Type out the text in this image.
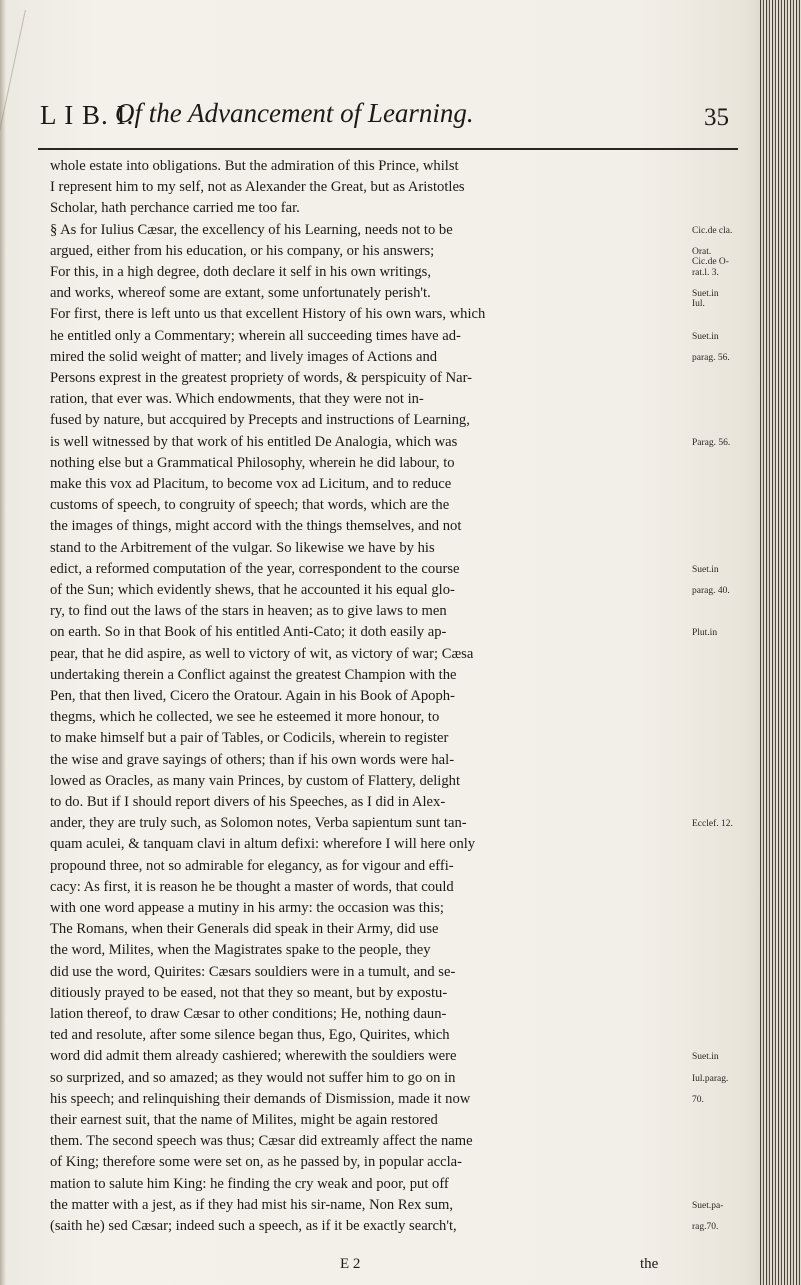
L I B. I.
Of the Advancement of Learning.	35
whole estate into obligations. But the admiration of this Prince, whilst
I represent him to my self, not as Alexander the Great, but as Aristotles
Scholar, hath perchance carried me too far.
§ As for Iulius Cæsar, the excellency of his Learning, needs not to be
argued, either from his education, or his company, or his answers;
For this, in a high degree, doth declare it self in his own writings,
and works, whereof some are extant, some unfortunately perish't.
For first, there is left unto us that excellent History of his own wars, which
he entitled only a Commentary; wherein all succeeding times have ad-
mired the solid weight of matter; and lively images of Actions and
Persons exprest in the greatest propriety of words, & perspicuity of Nar-
ration, that ever was. Which endowments, that they were not in-
fused by nature, but accquired by Precepts and instructions of Learning,
is well witnessed by that work of his entitled De Analogia, which was
nothing else but a Grammatical Philosophy, wherein he did labour, to
make this vox ad Placitum, to become vox ad Licitum, and to reduce
customs of speech, to congruity of speech; that words, which are the
the images of things, might accord with the things themselves, and not
stand to the Arbitrement of the vulgar. So likewise we have by his
edict, a reformed computation of the year, correspondent to the course
of the Sun; which evidently shews, that he accounted it his equal glo-
ry, to find out the laws of the stars in heaven; as to give laws to men
on earth. So in that Book of his entitled Anti-Cato; it doth easily ap-
pear, that he did aspire, as well to victory of wit, as victory of war; Cæsa
undertaking therein a Conflict against the greatest Champion with the
Pen, that then lived, Cicero the Oratour. Again in his Book of Apoph-
thegms, which he collected, we see he esteemed it more honour, to
to make himself but a pair of Tables, or Codicils, wherein to register
the wise and grave sayings of others; than if his own words were hal-
lowed as Oracles, as many vain Princes, by custom of Flattery, delight
to do. But if I should report divers of his Speeches, as I did in Alex-
ander, they are truly such, as Solomon notes, Verba sapientum sunt tan-
quam aculei, & tanquam clavi in altum defixi: wherefore I will here only
propound three, not so admirable for elegancy, as for vigour and effi-
cacy: As first, it is reason he be thought a master of words, that could
with one word appease a mutiny in his army: the occasion was this;
The Romans, when their Generals did speak in their Army, did use
the word, Milites, when the Magistrates spake to the people, they
did use the word, Quirites: Cæsars souldiers were in a tumult, and se-
ditiously prayed to be eased, not that they so meant, but by expostu-
lation thereof, to draw Cæsar to other conditions; He, nothing daun-
ted and resolute, after some silence began thus, Ego, Quirites, which
word did admit them already cashiered; wherewith the souldiers were
so surprized, and so amazed; as they would not suffer him to go on in
his speech; and relinquishing their demands of Dismission, made it now
their earnest suit, that the name of Milites, might be again restored
them. The second speech was thus; Cæsar did extreamly affect the name
of King; therefore some were set on, as he passed by, in popular accla-
mation to salute him King: he finding the cry weak and poor, put off
the matter with a jest, as if they had mist his sir-name, Non Rex sum,
(saith he) sed Cæsar; indeed such a speech, as if it be exactly search't,
Cic.de cla.
Orat.
Cic.de O-
rat.l. 3.
Suet.in
Iul.
Suet.in
parag. 56.
Parag. 56.
Suet.in
parag. 40.
Plut.in
Ecclef. 12.
Suet.in
Iul.parag.
70.
Suet.pa-
rag.70.
E 2	the
